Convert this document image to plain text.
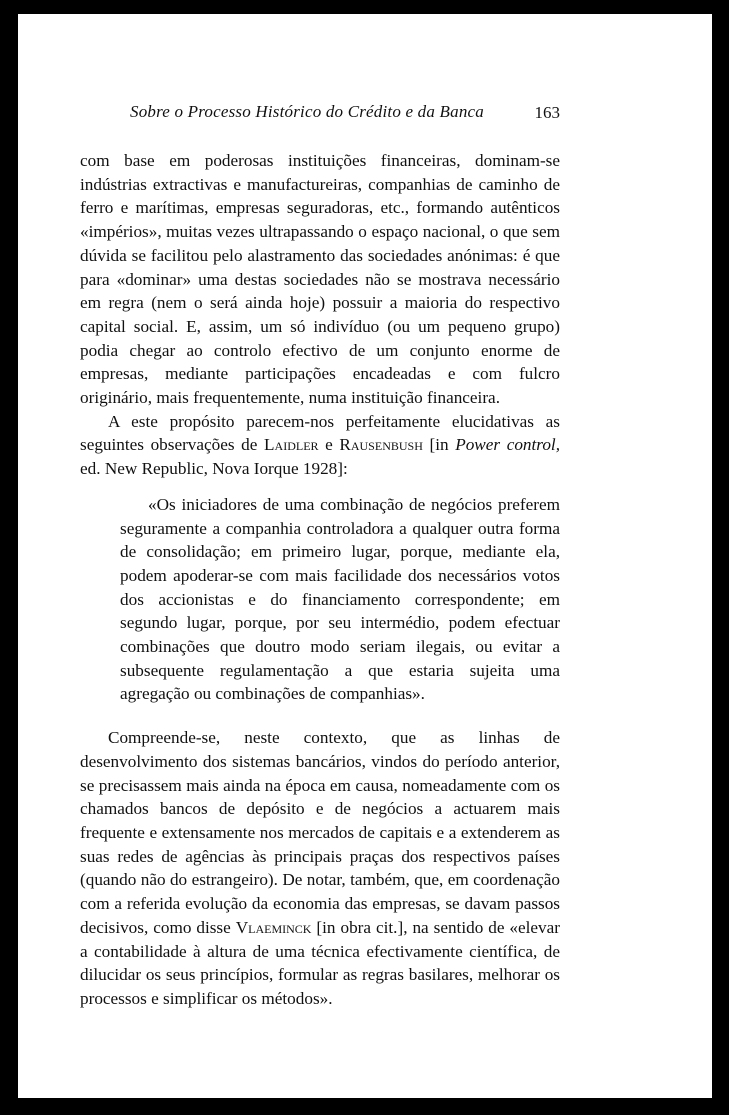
Sobre o Processo Histórico do Crédito e da Banca	163

com base em poderosas instituições financeiras, dominam-se indústrias extractivas e manufactureiras, companhias de caminho de ferro e marítimas, empresas seguradoras, etc., formando autênticos «impérios», muitas vezes ultrapassando o espaço nacional, o que sem dúvida se facilitou pelo alastramento das sociedades anónimas: é que para «dominar» uma destas sociedades não se mostrava necessário em regra (nem o será ainda hoje) possuir a maioria do respectivo capital social. E, assim, um só indivíduo (ou um pequeno grupo) podia chegar ao controlo efectivo de um conjunto enorme de empresas, mediante participações encadeadas e com fulcro originário, mais frequentemente, numa instituição financeira.

A este propósito parecem-nos perfeitamente elucidativas as seguintes observações de Laidler e Rausenbush [in Power control, ed. New Republic, Nova Iorque 1928]:

«Os iniciadores de uma combinação de negócios preferem seguramente a companhia controladora a qualquer outra forma de consolidação; em primeiro lugar, porque, mediante ela, podem apoderar-se com mais facilidade dos necessários votos dos accionistas e do financiamento correspondente; em segundo lugar, porque, por seu intermédio, podem efectuar combinações que doutro modo seriam ilegais, ou evitar a subsequente regulamentação a que estaria sujeita uma agregação ou combinações de companhias».

Compreende-se, neste contexto, que as linhas de desenvolvimento dos sistemas bancários, vindos do período anterior, se precisassem mais ainda na época em causa, nomeadamente com os chamados bancos de depósito e de negócios a actuarem mais frequente e extensamente nos mercados de capitais e a extenderem as suas redes de agências às principais praças dos respectivos países (quando não do estrangeiro). De notar, também, que, em coordenação com a referida evolução da economia das empresas, se davam passos decisivos, como disse Vlaeminck [in obra cit.], na sentido de «elevar a contabilidade à altura de uma técnica efectivamente científica, de dilucidar os seus princípios, formular as regras basilares, melhorar os processos e simplificar os métodos».
